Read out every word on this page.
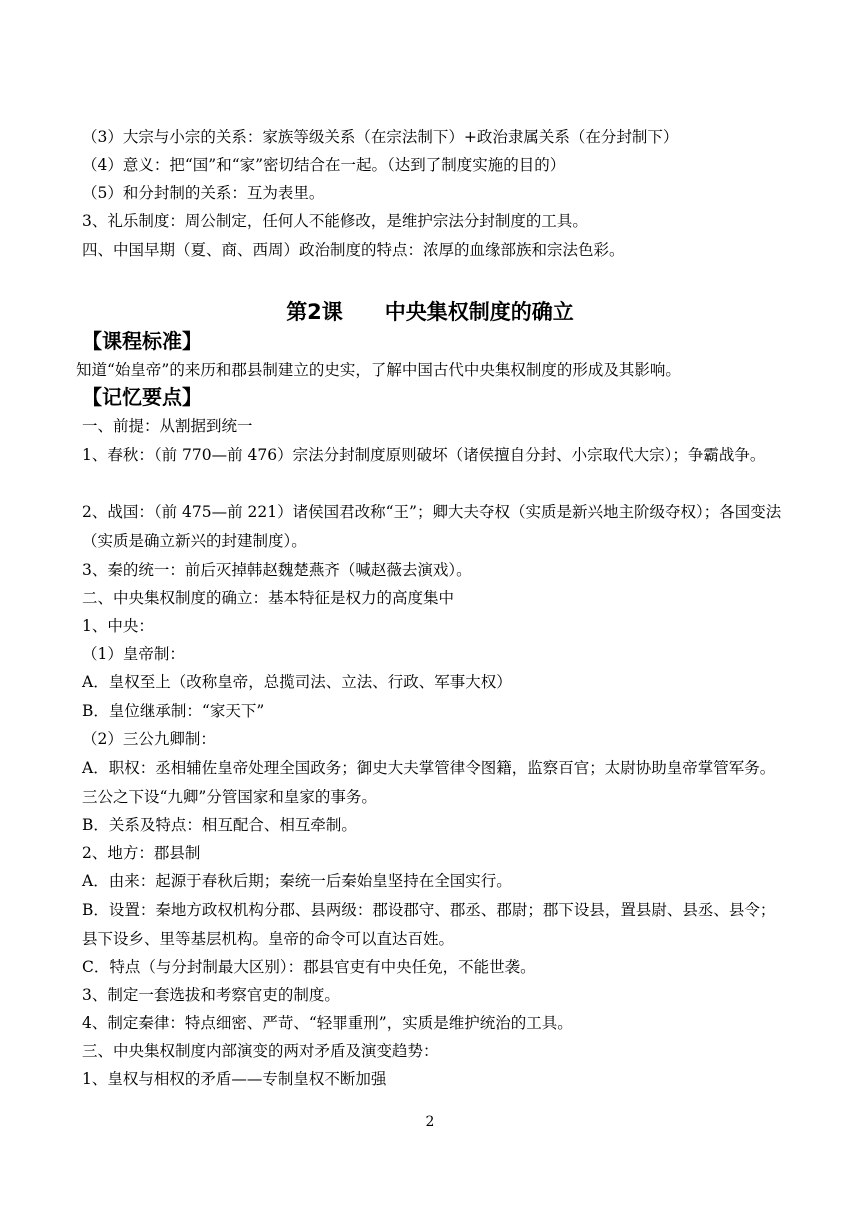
（3）大宗与小宗的关系：家族等级关系（在宗法制下）+政治隶属关系（在分封制下）
（4）意义：把“国”和“家”密切结合在一起。（达到了制度实施的目的）
（5）和分封制的关系：互为表里。
3、礼乐制度：周公制定，任何人不能修改，是维护宗法分封制度的工具。
四、中国早期（夏、商、西周）政治制度的特点：浓厚的血缘部族和宗法色彩。
第2课　　中央集权制度的确立
【课程标准】
知道“始皇帝”的来历和郡县制建立的史实，了解中国古代中央集权制度的形成及其影响。
【记忆要点】
一、前提：从割据到统一
1、春秋：（前 770—前 476）宗法分封制度原则破坏（诸侯擅自分封、小宗取代大宗）；争霸战争。
2、战国：（前 475—前 221）诸侯国君改称“王”；卿大夫夺权（实质是新兴地主阶级夺权）；各国变法（实质是确立新兴的封建制度）。
3、秦的统一：前后灭掉韩赵魏楚燕齐（喊赵薇去演戏）。
二、中央集权制度的确立：基本特征是权力的高度集中
1、中央：
（1）皇帝制：
A．皇权至上（改称皇帝，总揽司法、立法、行政、军事大权）
B．皇位继承制：“家天下”
（2）三公九卿制：
A．职权：丞相辅佐皇帝处理全国政务；御史大夫掌管律令图籍，监察百官；太尉协助皇帝掌管军务。三公之下设“九卿”分管国家和皇家的事务。
B．关系及特点：相互配合、相互牵制。
2、地方：郡县制
A．由来：起源于春秋后期；秦统一后秦始皇坚持在全国实行。
B．设置：秦地方政权机构分郡、县两级：郡设郡守、郡丞、郡尉；郡下设县，置县尉、县丞、县令；县下设乡、里等基层机构。皇帝的命令可以直达百姓。
C．特点（与分封制最大区别）：郡县官吏有中央任免，不能世袭。
3、制定一套选拔和考察官吏的制度。
4、制定秦律：特点细密、严苛、“轻罪重刑”，实质是维护统治的工具。
三、中央集权制度内部演变的两对矛盾及演变趋势：
1、皇权与相权的矛盾——专制皇权不断加强
2
